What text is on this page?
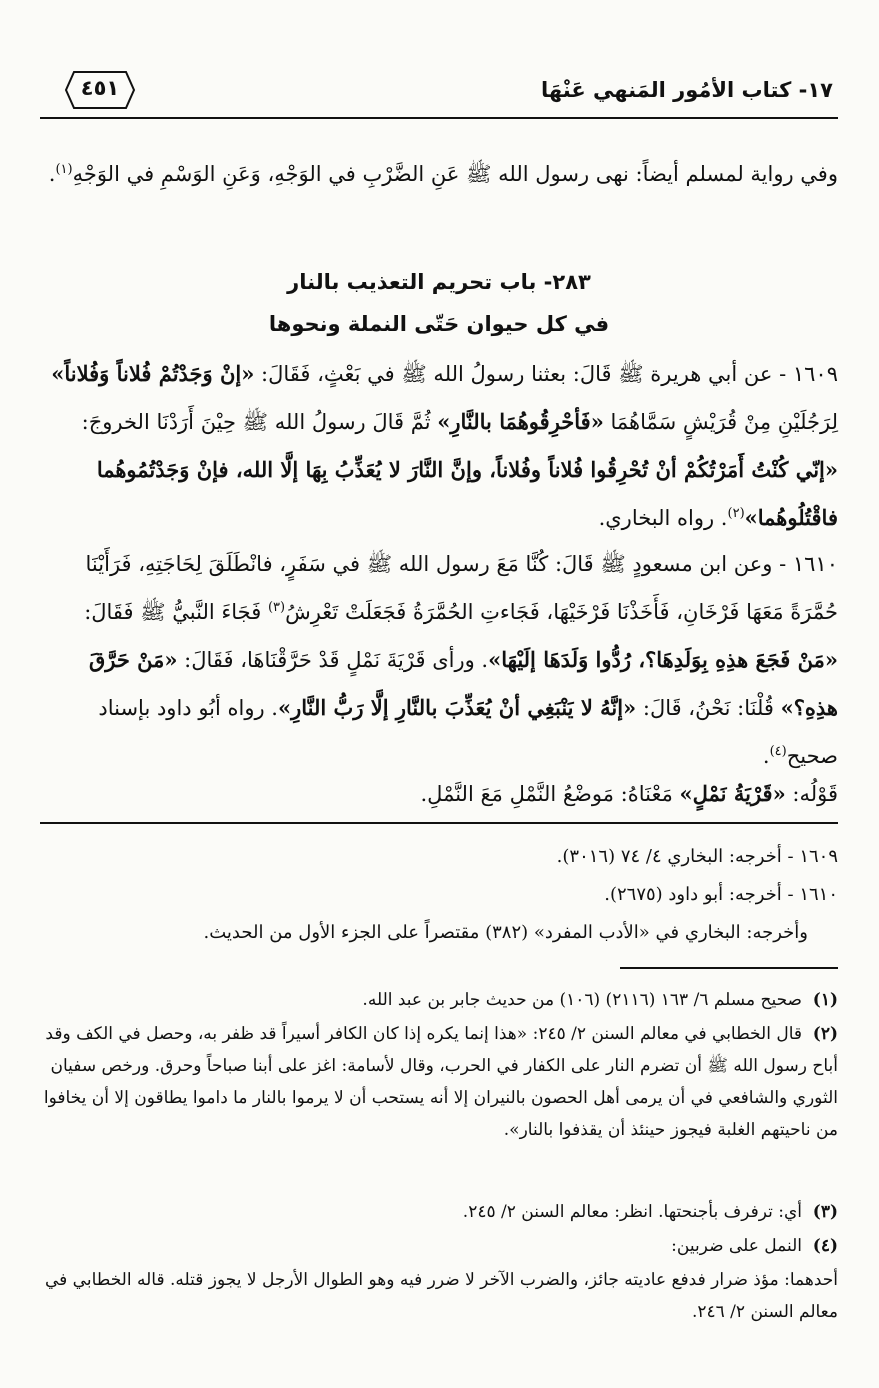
١٧- كتاب الأمُور المَنهي عَنْهَا
٤٥١
وفي رواية لمسلم أيضاً: نهى رسول الله ﷺ عَنِ الضَّرْبِ في الوَجْهِ، وَعَنِ الوَسْمِ في الوَجْهِ$^{(١)}$.
٢٨٣- باب تحريم التعذيب بالنار
في كل حيوان حَتّى النملة ونحوها
١٦٠٩ - عن أبي هريرة ﷺ قَالَ: بعثنا رسولُ الله ﷺ في بَعْثٍ، فَقَالَ: «إنْ وَجَدْتُمْ فُلاناً وَفُلاناً» لِرَجُلَيْنِ مِنْ قُرَيْشٍ سَمَّاهُمَا «فَأحْرِقُوهُمَا بالنَّارِ» ثُمَّ قَالَ رسولُ الله ﷺ حِيْنَ أَرَدْنَا الخروجَ: «إنّي كُنْتُ أَمَرْتُكُمْ أنْ تُحْرِقُوا فُلاناً وفُلاناً، وإنَّ النَّارَ لا يُعَذِّبُ بِهَا إلَّا الله، فإنْ وَجَدْتُمُوهُما فاقْتُلُوهُما»$^{(٢)}$. رواه البخاري.
١٦١٠ - وعن ابن مسعودٍ ﷺ قَالَ: كُنَّا مَعَ رسول الله ﷺ في سَفَرٍ، فانْطَلَقَ لِحَاجَتِهِ، فَرَأَيْنَا حُمَّرَةً مَعَهَا فَرْخَانِ، فَأَخَذْنَا فَرْخَيْهَا، فَجَاءتِ الحُمَّرَةُ فَجَعَلَتْ تَعْرِشُ$^{(٣)}$ فَجَاءَ النَّبيُّ ﷺ فَقَالَ: «مَنْ فَجَعَ هذِهِ بِوَلَدِهَا؟، رُدُّوا وَلَدَهَا إلَيْهَا». ورأى قَرْيَةَ نَمْلٍ قَدْ حَرَّقْنَاهَا، فَقَالَ: «مَنْ حَرَّقَ هذِهِ؟» قُلْنَا: نَحْنُ، قَالَ: «إنَّهُ لا يَنْبَغِي أنْ يُعَذِّبَ بالنَّارِ إلَّا رَبُّ النَّارِ». رواه أبُو داود بإسناد صحيح$^{(٤)}$.
قَوْلُه: «قَرْيَةُ نَمْلٍ» مَعْنَاهُ: مَوضْعُ النَّمْلِ مَعَ النَّمْلِ.
١٦٠٩ - أخرجه: البخاري ٤/ ٧٤ (٣٠١٦).
١٦١٠ - أخرجه: أبو داود (٢٦٧٥).
وأخرجه: البخاري في «الأدب المفرد» (٣٨٢) مقتصراً على الجزء الأول من الحديث.
(١)صحيح مسلم ٦/ ١٦٣ (٢١١٦) (١٠٦) من حديث جابر بن عبد الله.
(٢)قال الخطابي في معالم السنن ٢/ ٢٤٥: «هذا إنما يكره إذا كان الكافر أسيراً قد ظفر به، وحصل في الكف وقد أباح رسول الله ﷺ أن تضرم النار على الكفار في الحرب، وقال لأسامة: اغز على أبنا صباحاً وحرق. ورخص سفيان الثوري والشافعي في أن يرمى أهل الحصون بالنيران إلا أنه يستحب أن لا يرموا بالنار ما داموا يطاقون إلا أن يخافوا من ناحيتهم الغلبة فيجوز حينئذ أن يقذفوا بالنار».
(٣)أي: ترفرف بأجنحتها. انظر: معالم السنن ٢/ ٢٤٥.
(٤)النمل على ضربين:
أحدهما: مؤذ ضرار فدفع عاديته جائز، والضرب الآخر لا ضرر فيه وهو الطوال الأرجل لا يجوز قتله. قاله الخطابي في معالم السنن ٢/ ٢٤٦.
